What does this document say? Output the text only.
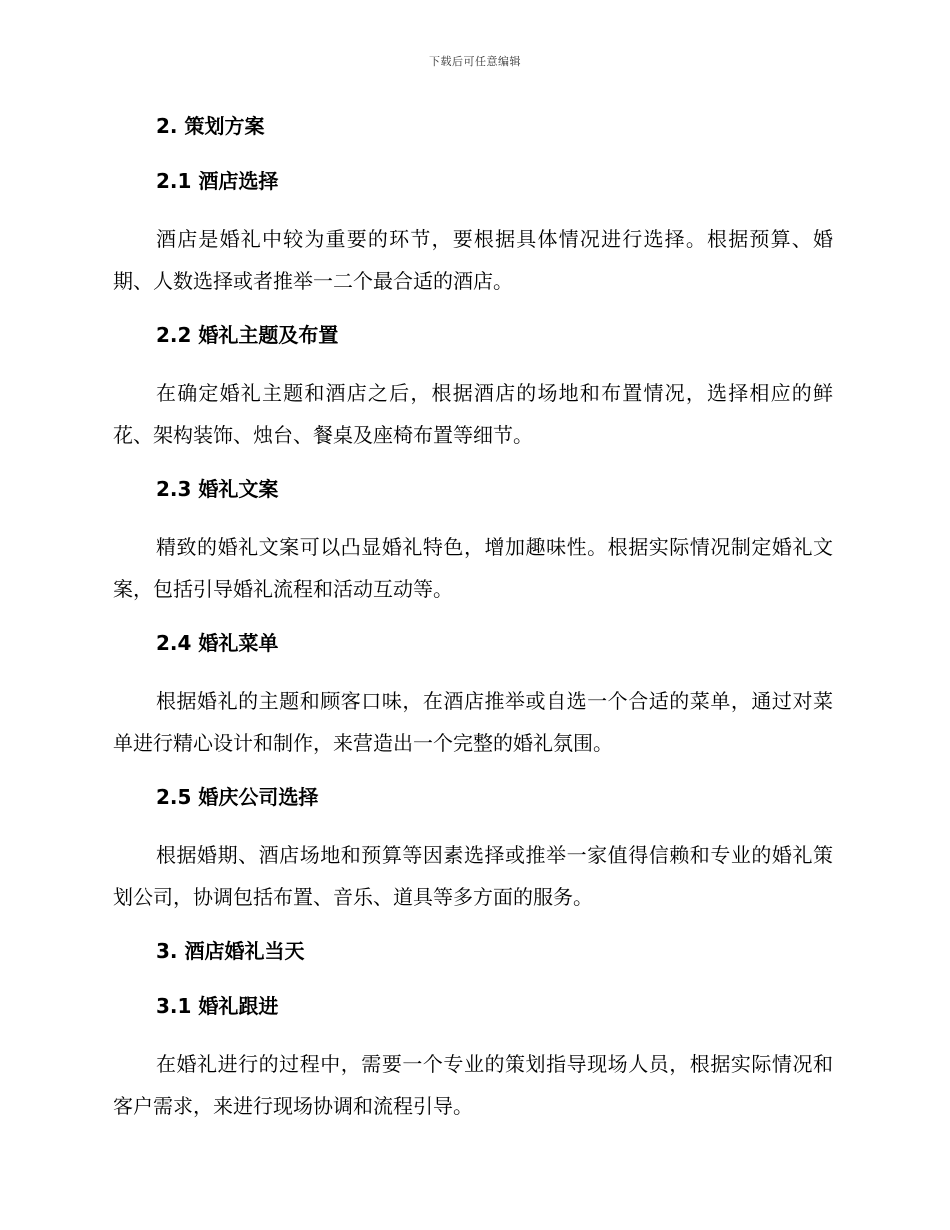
下载后可任意编辑
2. 策划方案
2.1 酒店选择

酒店是婚礼中较为重要的环节，要根据具体情况进行选择。根据预算、婚期、人数选择或者推举一二个最合适的酒店。

2.2 婚礼主题及布置

在确定婚礼主题和酒店之后，根据酒店的场地和布置情况，选择相应的鲜花、架构装饰、烛台、餐桌及座椅布置等细节。

2.3 婚礼文案

精致的婚礼文案可以凸显婚礼特色，增加趣味性。根据实际情况制定婚礼文案，包括引导婚礼流程和活动互动等。

2.4 婚礼菜单

根据婚礼的主题和顾客口味，在酒店推举或自选一个合适的菜单，通过对菜单进行精心设计和制作，来营造出一个完整的婚礼氛围。

2.5 婚庆公司选择

根据婚期、酒店场地和预算等因素选择或推举一家值得信赖和专业的婚礼策划公司，协调包括布置、音乐、道具等多方面的服务。

3. 酒店婚礼当天
3.1 婚礼跟进

在婚礼进行的过程中，需要一个专业的策划指导现场人员，根据实际情况和客户需求，来进行现场协调和流程引导。
